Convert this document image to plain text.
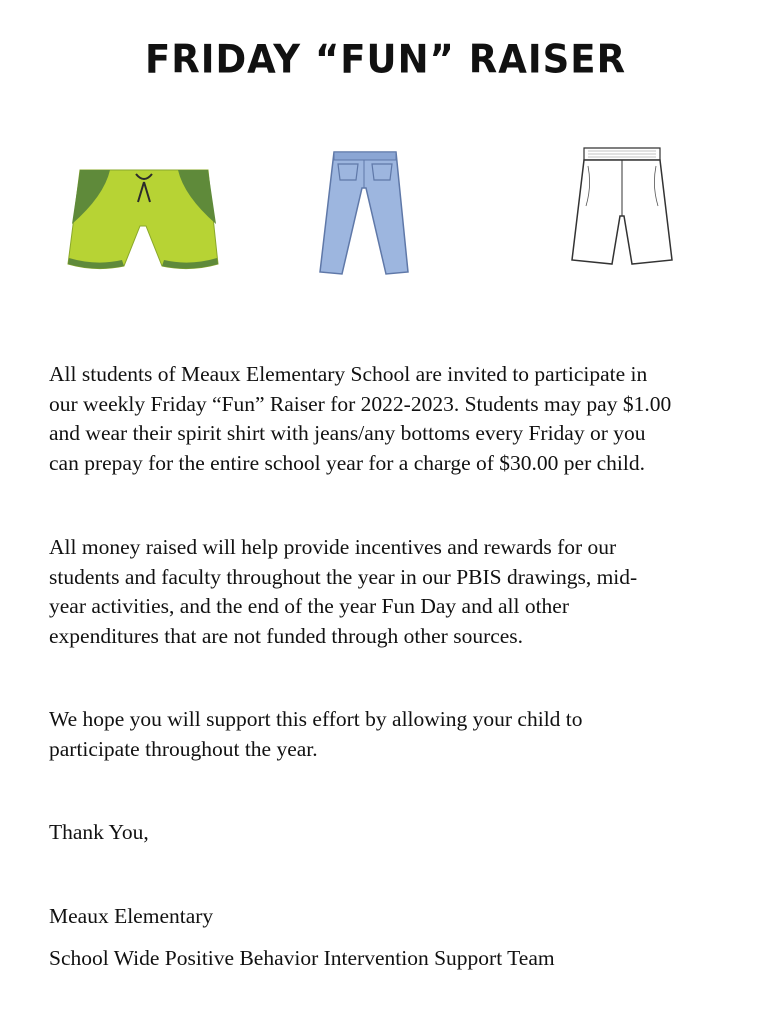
FRIDAY “FUN” RAISER
All students of Meaux Elementary School are invited to participate in
our weekly Friday “Fun” Raiser for 2022-2023. Students may pay $1.00
and wear their spirit shirt with jeans/any bottoms every Friday or you
can prepay for the entire school year for a charge of $30.00 per child.
All money raised will help provide incentives and rewards for our
students and faculty throughout the year in our PBIS drawings, mid-
year activities, and the end of the year Fun Day and all other
expenditures that are not funded through other sources.
We hope you will support this effort by allowing your child to
participate throughout the year.
Thank You,
Meaux Elementary
School Wide Positive Behavior Intervention Support Team
